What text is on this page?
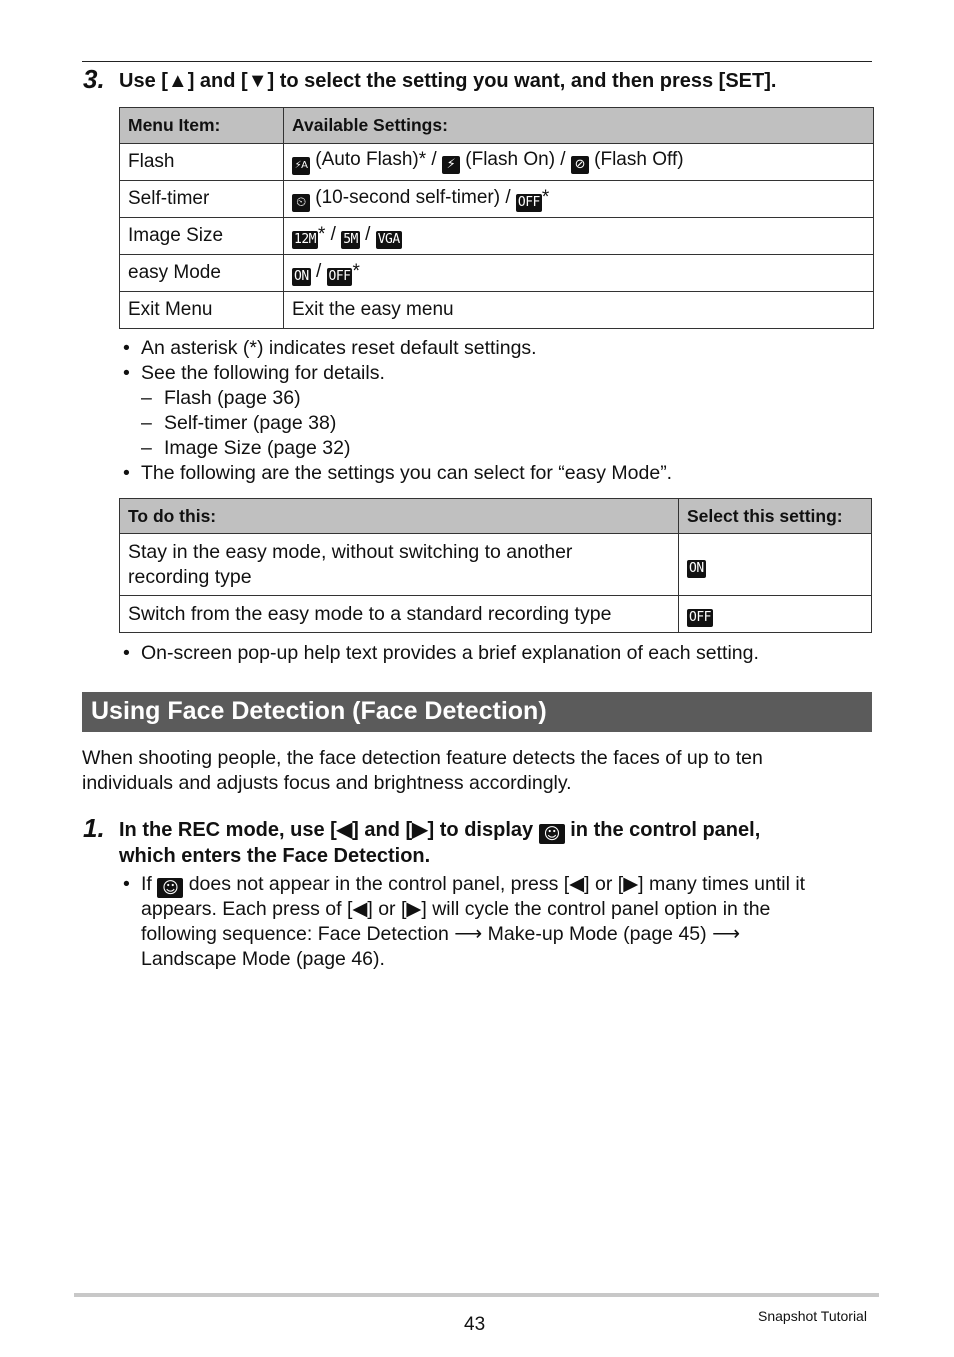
3. Use [▲] and [▼] to select the setting you want, and then press [SET].
Menu Item:	Available Settings:
Flash	⚡A (Auto Flash)* / ⚡ (Flash On) / ⊘ (Flash Off)
Self-timer	⏲ (10-second self-timer) / OFF *
Image Size	12M * / 5M / VGA
easy Mode	ON / OFF *
Exit Menu	Exit the easy menu
• An asterisk (*) indicates reset default settings.
• See the following for details.
– Flash (page 36)
– Self-timer (page 38)
– Image Size (page 32)
• The following are the settings you can select for “easy Mode”.
To do this:	Select this setting:
Stay in the easy mode, without switching to another
recording type	ON
Switch from the easy mode to a standard recording type	OFF
• On-screen pop-up help text provides a brief explanation of each setting.
Using Face Detection (Face Detection)
When shooting people, the face detection feature detects the faces of up to ten
individuals and adjusts focus and brightness accordingly.
1. In the REC mode, use [◀] and [▶] to display ☺ in the control panel,
which enters the Face Detection.
• If ☺ does not appear in the control panel, press [◀] or [▶] many times until it
appears. Each press of [◀] or [▶] will cycle the control panel option in the
following sequence: Face Detection ⟶ Make-up Mode (page 45) ⟶
Landscape Mode (page 46).
43	Snapshot Tutorial
